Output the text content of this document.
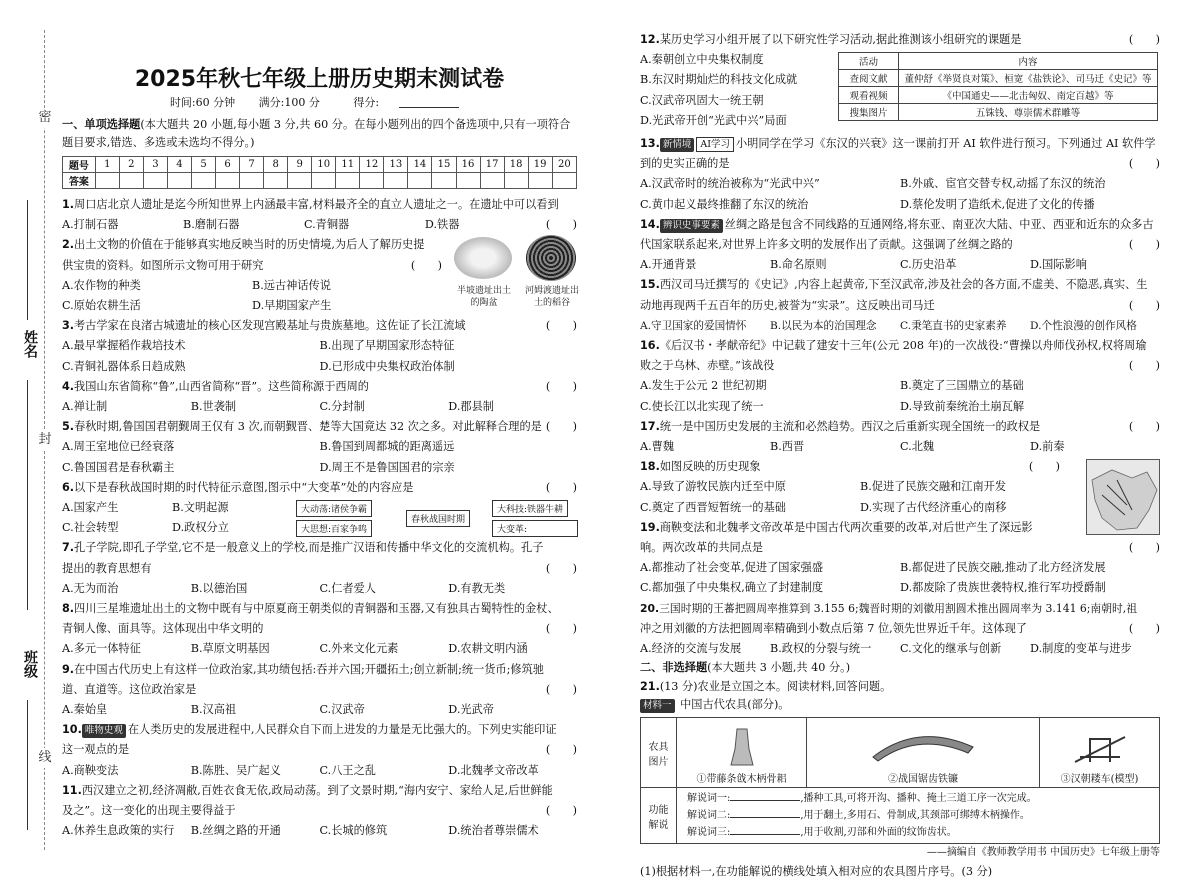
密
封
线
姓名
班级
2025年秋七年级上册历史期末测试卷
时间:60 分钟 满分:100 分	得分:
一、单项选择题(本大题共 20 小题,每小题 3 分,共 60 分。在每小题列出的四个备选项中,只有一项符合题目要求,错选、多选或未选均不得分。)
题号	1	2	3	4	5	6	7	8	9	10	11	12	13	14	15	16	17	18	19	20
答案																				
1.周口店北京人遗址是迄今所知世界上内涵最丰富,材料最齐全的直立人遗址之一。在遗址中可以看到
(　　)
A.打制石器	B.磨制石器	C.青铜器	D.铁器
2.出土文物的价值在于能够真实地反映当时的历史情境,为后人了解历史提
供宝贵的资料。如图所示文物可用于研究	(　　)
A.农作物的种类	B.远古神话传说
C.原始农耕生活	D.早期国家产生
半坡遗址出土的陶盆
河姆渡遗址出土的稻谷
3.考古学家在良渚古城遗址的核心区发现宫殿基址与贵族墓地。这佐证了长江流域	(　　)
A.最早掌握稻作栽培技术	B.出现了早期国家形态特征
C.青铜礼器体系日趋成熟	D.已形成中央集权政治体制
4.我国山东省简称“鲁”,山西省简称“晋”。这些简称源于西周的	(　　)
A.禅让制	B.世袭制	C.分封制	D.郡县制
5.春秋时期,鲁国国君朝觐周王仅有 3 次,而朝觐晋、楚等大国竟达 32 次之多。对此解释合理的是 (　　)
A.周王室地位已经衰落	B.鲁国到周都城的距离遥远
C.鲁国国君是春秋霸主	D.周王不是鲁国国君的宗亲
6.以下是春秋战国时期的时代特征示意图,图示中“大变革”处的内容应是	(　　)
A.国家产生	B.文明起源
C.社会转型	D.政权分立
大动荡:诸侯争霸
大思想:百家争鸣
春秋战国时期
大科技:铁器牛耕
大变革:
7.孔子学院,即孔子学堂,它不是一般意义上的学校,而是推广汉语和传播中华文化的交流机构。孔子
提出的教育思想有	(　　)
A.无为而治	B.以德治国	C.仁者爱人	D.有教无类
8.四川三星堆遗址出土的文物中既有与中原夏商王朝类似的青铜器和玉器,又有独具古蜀特性的金杖、
青铜人像、面具等。这体现出中华文明的	(　　)
A.多元一体特征	B.草原文明基因	C.外来文化元素	D.农耕文明内涵
9.在中国古代历史上有这样一位政治家,其功绩包括:吞并六国;开疆拓土;创立新制;统一货币;修筑驰
道、直道等。这位政治家是	(　　)
A.秦始皇	B.汉高祖	C.汉武帝	D.光武帝
10. 唯物史观 在人类历史的发展进程中,人民群众自下而上进发的力量是无比强大的。下列史实能印证
这一观点的是	(　　)
A.商鞅变法	B.陈胜、吴广起义	C.八王之乱	D.北魏孝文帝改革
11.西汉建立之初,经济凋敝,百姓衣食无依,政局动荡。到了文景时期,“海内安宁、家给人足,后世鲜能
及之”。这一变化的出现主要得益于	(　　)
A.休养生息政策的实行	B.丝绸之路的开通	C.长城的修筑	D.统治者尊崇儒术
12.某历史学习小组开展了以下研究性学习活动,据此推测该小组研究的课题是	(　　)
A.秦朝创立中央集权制度
B.东汉时期灿烂的科技文化成就
C.汉武帝巩固大一统王朝
D.光武帝开创“光武中兴”局面
活动	内容
查阅文献	董仲舒《举贤良对策》、桓宽《盐铁论》、司马迁《史记》等
观看视频	《中国通史——北击匈奴、南定百越》等
搜集图片	五铢钱、尊崇儒术群雕等
13. 新情境 AI学习 小明同学在学习《东汉的兴衰》这一课前打开 AI 软件进行预习。下列通过 AI 软件学
到的史实正确的是	(　　)
A.汉武帝时的统治被称为“光武中兴”	B.外戚、宦官交替专权,动摇了东汉的统治
C.黄巾起义最终推翻了东汉的统治	D.蔡伦发明了造纸术,促进了文化的传播
14. 辨识史事要素 丝绸之路是包含不同线路的互通网络,将东亚、南亚次大陆、中亚、西亚和近东的众多古
代国家联系起来,对世界上许多文明的发展作出了贡献。这强调了丝绸之路的	(　　)
A.开通背景	B.命名原则	C.历史沿革	D.国际影响
15.西汉司马迁撰写的《史记》,内容上起黄帝,下至汉武帝,涉及社会的各方面,不虚美、不隐恶,真实、生
动地再现两千五百年的历史,被誉为“实录”。这反映出司马迁	(　　)
A.守卫国家的爱国情怀	B.以民为本的治国理念	C.秉笔直书的史家素养	D.个性浪漫的创作风格
16.《后汉书・孝献帝纪》中记载了建安十三年(公元 208 年)的一次战役:“曹操以舟师伐孙权,权将周瑜
败之于乌林、赤壁。”该战役	(　　)
A.发生于公元 2 世纪初期	B.奠定了三国鼎立的基础
C.使长江以北实现了统一	D.导致前秦统治土崩瓦解
17.统一是中国历史发展的主流和必然趋势。西汉之后重新实现全国统一的政权是	(　　)
A.曹魏	B.西晋	C.北魏	D.前秦
18.如图反映的历史现象	(　　)
A.导致了游牧民族内迁至中原	B.促进了民族交融和江南开发
C.奠定了西晋短暂统一的基础	D.实现了古代经济重心的南移
19.商鞅变法和北魏孝文帝改革是中国古代两次重要的改革,对后世产生了深远影
响。两次改革的共同点是	(　　)
A.都推动了社会变革,促进了国家强盛	B.都促进了民族交融,推动了北方经济发展
C.都加强了中央集权,确立了封建制度	D.都废除了贵族世袭特权,推行军功授爵制
20.三国时期的王蕃把圆周率推算到 3.155 6;魏晋时期的刘徽用割圆术推出圆周率为 3.141 6;南朝时,祖
冲之用刘徽的方法把圆周率精确到小数点后第 7 位,领先世界近千年。这体现了	(　　)
A.经济的交流与发展	B.政权的分裂与统一	C.文化的继承与创新	D.制度的变革与进步
二、非选择题(本大题共 3 小题,共 40 分。)
21.(13 分)农业是立国之本。阅读材料,回答问题。
材料一 中国古代农具(部分)。
农具图片	①带藤条戗木柄骨耜	②战国锯齿铁镰	③汉朝耧车(模型)

功能解说	解说词一: ,播种工具,可将开沟、播种、掩土三道工序一次完成。
解说词二: ,用于翻土,多用石、骨制成,其颈部可绑缚木柄操作。
解说词三: ,用于收割,刃部和外面的纹饰齿状。		
——摘编自《教师教学用书 中国历史》七年级上册等
(1)根据材料一,在功能解说的横线处填入相对应的农具图片序号。(3 分)
